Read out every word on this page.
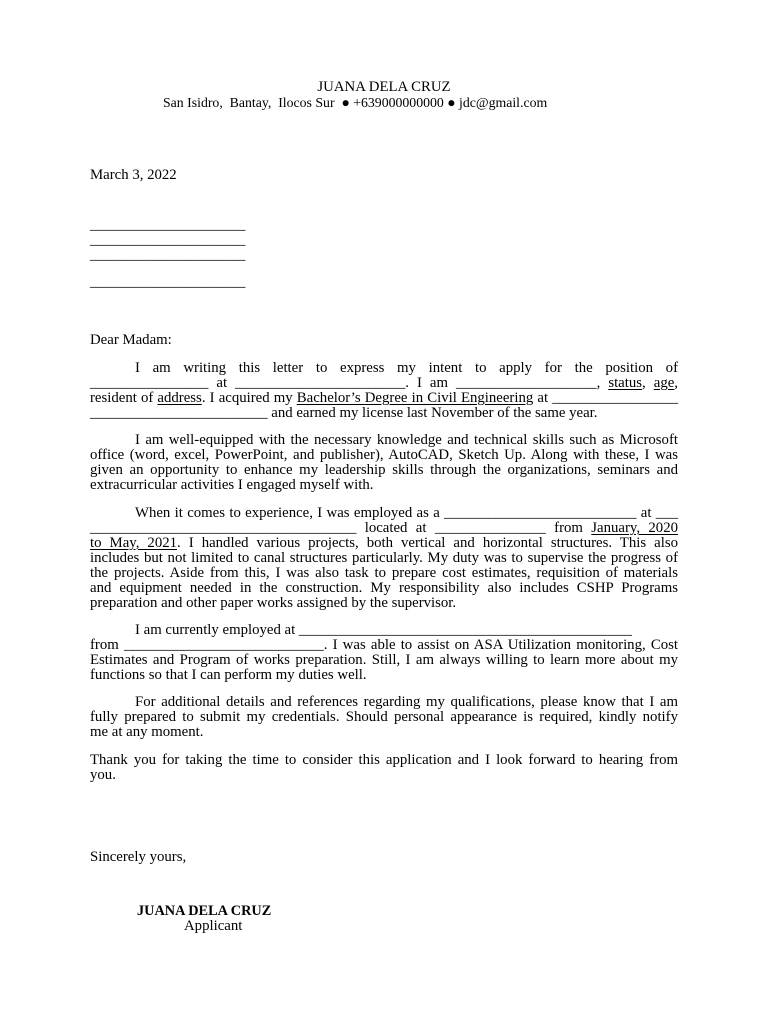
JUANA DELA CRUZ
San Isidro,  Bantay,  Ilocos Sur  ● +639000000000 ● jdc@gmail.com
March 3, 2022
_____________________
_____________________
_____________________
_____________________
Dear Madam:
I am writing this letter to express my intent to apply for the position of
________________ at _______________________. I am ___________________, status, age,
resident of address. I acquired my Bachelor’s Degree in Civil Engineering at _________________
________________________ and earned my license last November of the same year.
I am well-equipped with the necessary knowledge and technical skills such as Microsoft
office (word, excel, PowerPoint, and publisher), AutoCAD, Sketch Up. Along with these, I was
given an opportunity to enhance my leadership skills through the organizations, seminars and
extracurricular activities I engaged myself with.
When it comes to experience, I was employed as a __________________________ at ___
____________________________________ located at _______________ from January, 2020
to May, 2021. I handled various projects, both vertical and horizontal structures. This also
includes but not limited to canal structures particularly. My duty was to supervise the progress of
the projects. Aside from this, I was also task to prepare cost estimates, requisition of materials
and equipment needed in the construction. My responsibility also includes CSHP Programs
preparation and other paper works assigned by the supervisor.
I am currently employed at _____________________________________________
from ___________________________. I was able to assist on ASA Utilization monitoring, Cost
Estimates and Program of works preparation. Still, I am always willing to learn more about my
functions so that I can perform my duties well.
For additional details and references regarding my qualifications, please know that I am
fully prepared to submit my credentials. Should personal appearance is required, kindly notify
me at any moment.
Thank you for taking the time to consider this application and I look forward to hearing from
you.
Sincerely yours,
JUANA DELA CRUZ
Applicant
